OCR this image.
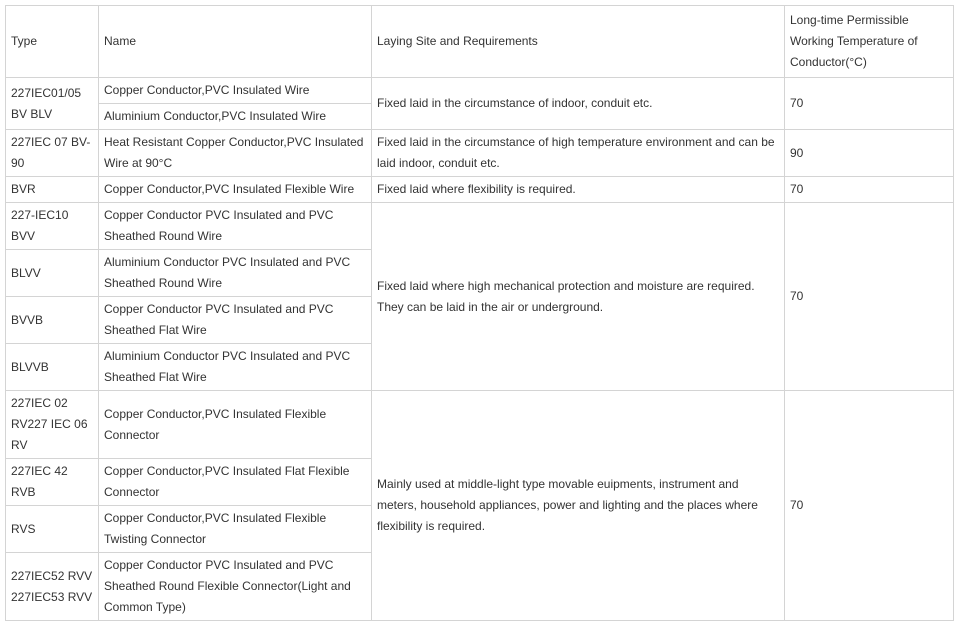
Type	Name	Laying Site and Requirements	Long-time Permissible Working Temperature of Conductor(°C)
227IEC01/05 BV BLV	Copper Conductor,PVC Insulated Wire	Fixed laid in the circumstance of indoor, conduit etc.	70
	Aluminium Conductor,PVC Insulated Wire		
227IEC 07 BV-90	Heat Resistant Copper Conductor,PVC Insulated Wire at 90°C	Fixed laid in the circumstance of high temperature environment and can be laid indoor, conduit etc.	90
BVR	Copper Conductor,PVC Insulated Flexible Wire	Fixed laid where flexibility is required.	70
227-IEC10 BVV	Copper Conductor PVC Insulated and PVC Sheathed Round Wire	Fixed laid where high mechanical protection and moisture are required. They can be laid in the air or underground.	70
BLVV	Aluminium Conductor PVC Insulated and PVC Sheathed Round Wire		
BVVB	Copper Conductor PVC Insulated and PVC Sheathed Flat Wire		
BLVVB	Aluminium Conductor PVC Insulated and PVC Sheathed Flat Wire		
227IEC 02 RV227 IEC 06 RV	Copper Conductor,PVC Insulated Flexible Connector	Mainly used at middle-light type movable euipments, instrument and meters, household appliances, power and lighting and the places where flexibility is required.	70
227IEC 42 RVB	Copper Conductor,PVC Insulated Flat Flexible Connector		
RVS	Copper Conductor,PVC Insulated Flexible Twisting Connector		
227IEC52 RVV 227IEC53 RVV	Copper Conductor PVC Insulated and PVC Sheathed Round Flexible Connector(Light and Common Type)		
